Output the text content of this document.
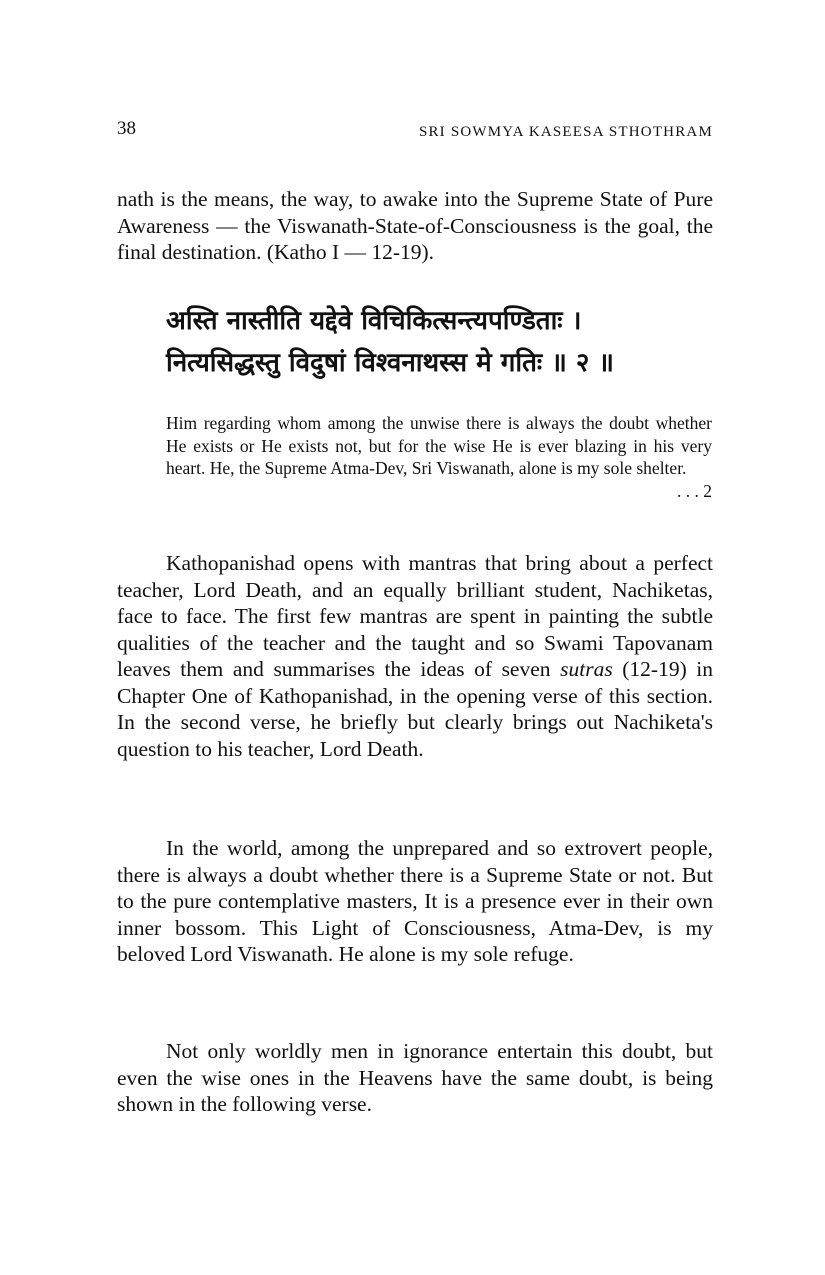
38	SRI SOWMYA KASEESA STHOTHRAM

nath is the means, the way, to awake into the Supreme State of Pure Awareness — the Viswanath-State-of-Consciousness is the goal, the final destination. (Katho I — 12-19).

अस्ति नास्तीति यद्देवे विचिकित्सन्त्यपण्डिताः ।
नित्यसिद्धस्तु विदुषां विश्वनाथस्स मे गतिः ॥ २ ॥

Him regarding whom among the unwise there is always the doubt whether He exists or He exists not, but for the wise He is ever blazing in his very heart. He, the Supreme Atma-Dev, Sri Viswanath, alone is my sole shelter.
. . . 2

Kathopanishad opens with mantras that bring about a perfect teacher, Lord Death, and an equally brilliant student, Nachiketas, face to face. The first few mantras are spent in painting the subtle qualities of the teacher and the taught and so Swami Tapovanam leaves them and summarises the ideas of seven sutras (12-19) in Chapter One of Kathopanishad, in the opening verse of this section. In the second verse, he briefly but clearly brings out Nachiketa's question to his teacher, Lord Death.

In the world, among the unprepared and so extrovert people, there is always a doubt whether there is a Supreme State or not. But to the pure contemplative masters, It is a presence ever in their own inner bossom. This Light of Consciousness, Atma-Dev, is my beloved Lord Viswanath. He alone is my sole refuge.

Not only worldly men in ignorance entertain this doubt, but even the wise ones in the Heavens have the same doubt, is being shown in the following verse.
